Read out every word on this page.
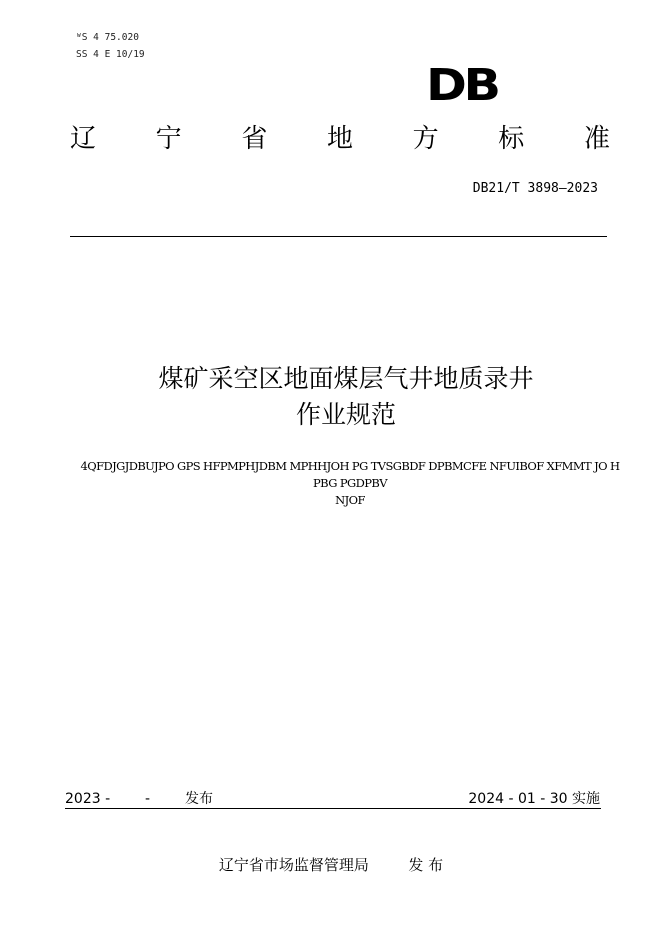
ᵂS 4 75.020
SS 4 E 10/19
DB
辽 宁 省 地 方 标 准
DB21/T 3898—2023
煤矿采空区地面煤层气井地质录井
作业规范
4QFDJGJDBUJPO GPS HFPMPHJDBM MPHHJOH PG TVSGBDF DPBMCFE NFUIBOF XFMMT JO HPBG PGDPBV
NJOF
2023 - - 发布	2024 - 01 - 30 实施
辽宁省市场监督管理局	发 布
